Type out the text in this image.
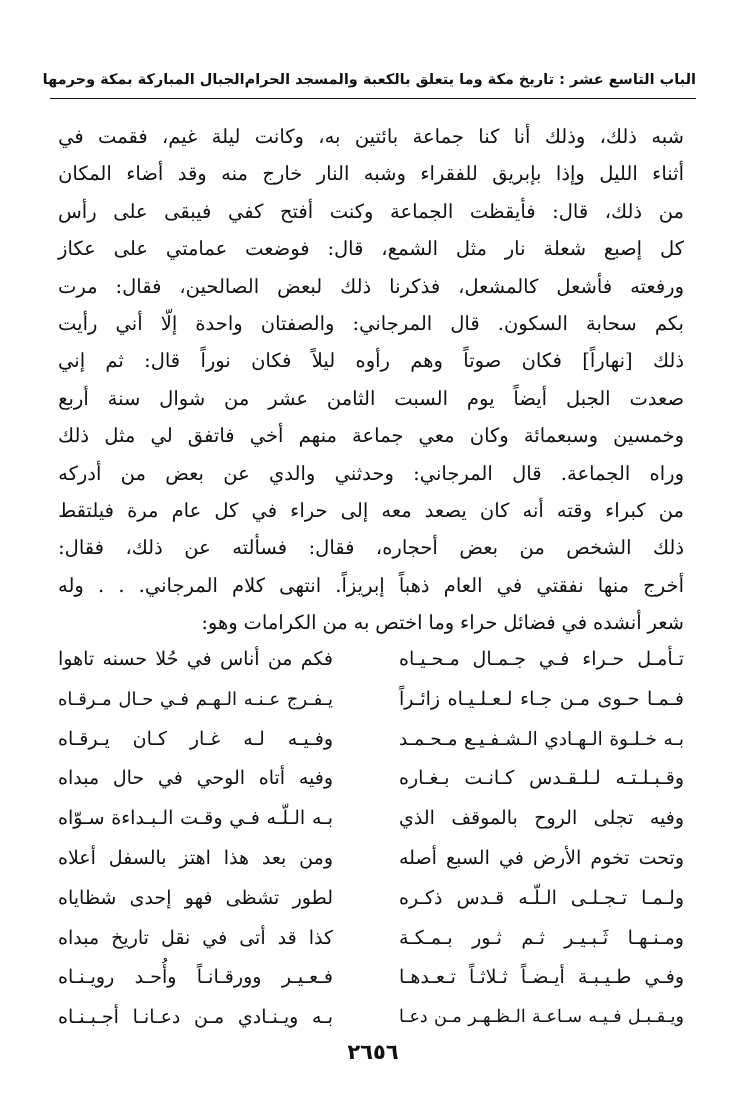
الباب التاسع عشر : تاريخ مكة وما يتعلق بالكعبة والمسجد الحرام
الجبال المباركة بمكة وحرمها
شبه
ذلك،
وذلك
أنا
كنا
جماعة
بائتين
به،
وكانت
ليلة
غيم،
فقمت
في
أثناء
الليل
وإذا
بإبريق
للفقراء
وشبه
النار
خارج
منه
وقد
أضاء
المكان
من
ذلك،
قال:
فأيقظت
الجماعة
وكنت
أفتح
كفي
فيبقى
على
رأس
كل
إصبع
شعلة
نار
مثل
الشمع،
قال:
فوضعت
عمامتي
على
عكاز
ورفعته
فأشعل
كالمشعل،
فذكرنا
ذلك
لبعض
الصالحين،
فقال:
مرت
بكم
سحابة
السكون.
قال
المرجاني:
والصفتان
واحدة
إلّا
أني
رأيت
ذلك
[نهاراً]
فكان
صوتاً
وهم
رأوه
ليلاً
فكان
نوراً
قال:
ثم
إني
صعدت
الجبل
أيضاً
يوم
السبت
الثامن
عشر
من
شوال
سنة
أربع
وخمسين
وسبعمائة
وكان
معي
جماعة
منهم
أخي
فاتفق
لي
مثل
ذلك
وراه
الجماعة.
قال
المرجاني:
وحدثني
والدي
عن
بعض
من
أدركه
من
كبراء
وقته
أنه
كان
يصعد
معه
إلى
حراء
في
كل
عام
مرة
فيلتقط
ذلك
الشخص
من
بعض
أحجاره،
فقال:
فسألته
عن
ذلك،
فقال:
أخرج
منها
نفقتي
في
العام
ذهباً
إبريزاً.
انتهى
كلام
المرجاني.
.
.
وله
شعر
أنشده
في
فضائل
حراء
وما
اختص
به
من
الكرامات
وهو:
تـأمـل حـراء فـي جـمـال مـحـيـاه
فكم من أناس في حُلا حسنه تاهوا
فـمـا حـوى مـن جـاء لـعـلـيـاه زائـراً
يـفـرج عـنـه الـهـم فـي حـال مـرقـاه
بـه خـلـوة الـهـادي الـشـفـيـع مـحـمـد
وفـيـه لـه غـار كـان يـرقـاه
وقـبـلـتـه لـلـقـدس كـانـت بـغـاره
وفيه أتاه الوحي في حال مبداه
وفيه تجلى الروح بالموقف الذي
بـه الـلّـه فـي وقـت الـبـداءة سـوّاه
وتحت تخوم الأرض في السبع أصله
ومن بعد هذا اهتز بالسفل أعلاه
ولـمـا تـجـلـى الـلّـه قـدس ذكـره
لطور تشظى فهو إحدى شظاياه
ومـنـهـا ثَـبـيـر ثـم ثـور بـمـكـة
كذا قد أتى في نقل تاريخ مبداه
وفـي طـيـبـة أيـضـاً ثـلاثـاً تـعـدهـا
فـعـيـر وورقـانـاً وأُحـد رويـنـاه
ويـقـبـل فـيـه سـاعـة الـظـهـر مـن دعـا
بـه ويـنـادي مـن دعـانـا أجـبـنـاه
٢٦٥٦
